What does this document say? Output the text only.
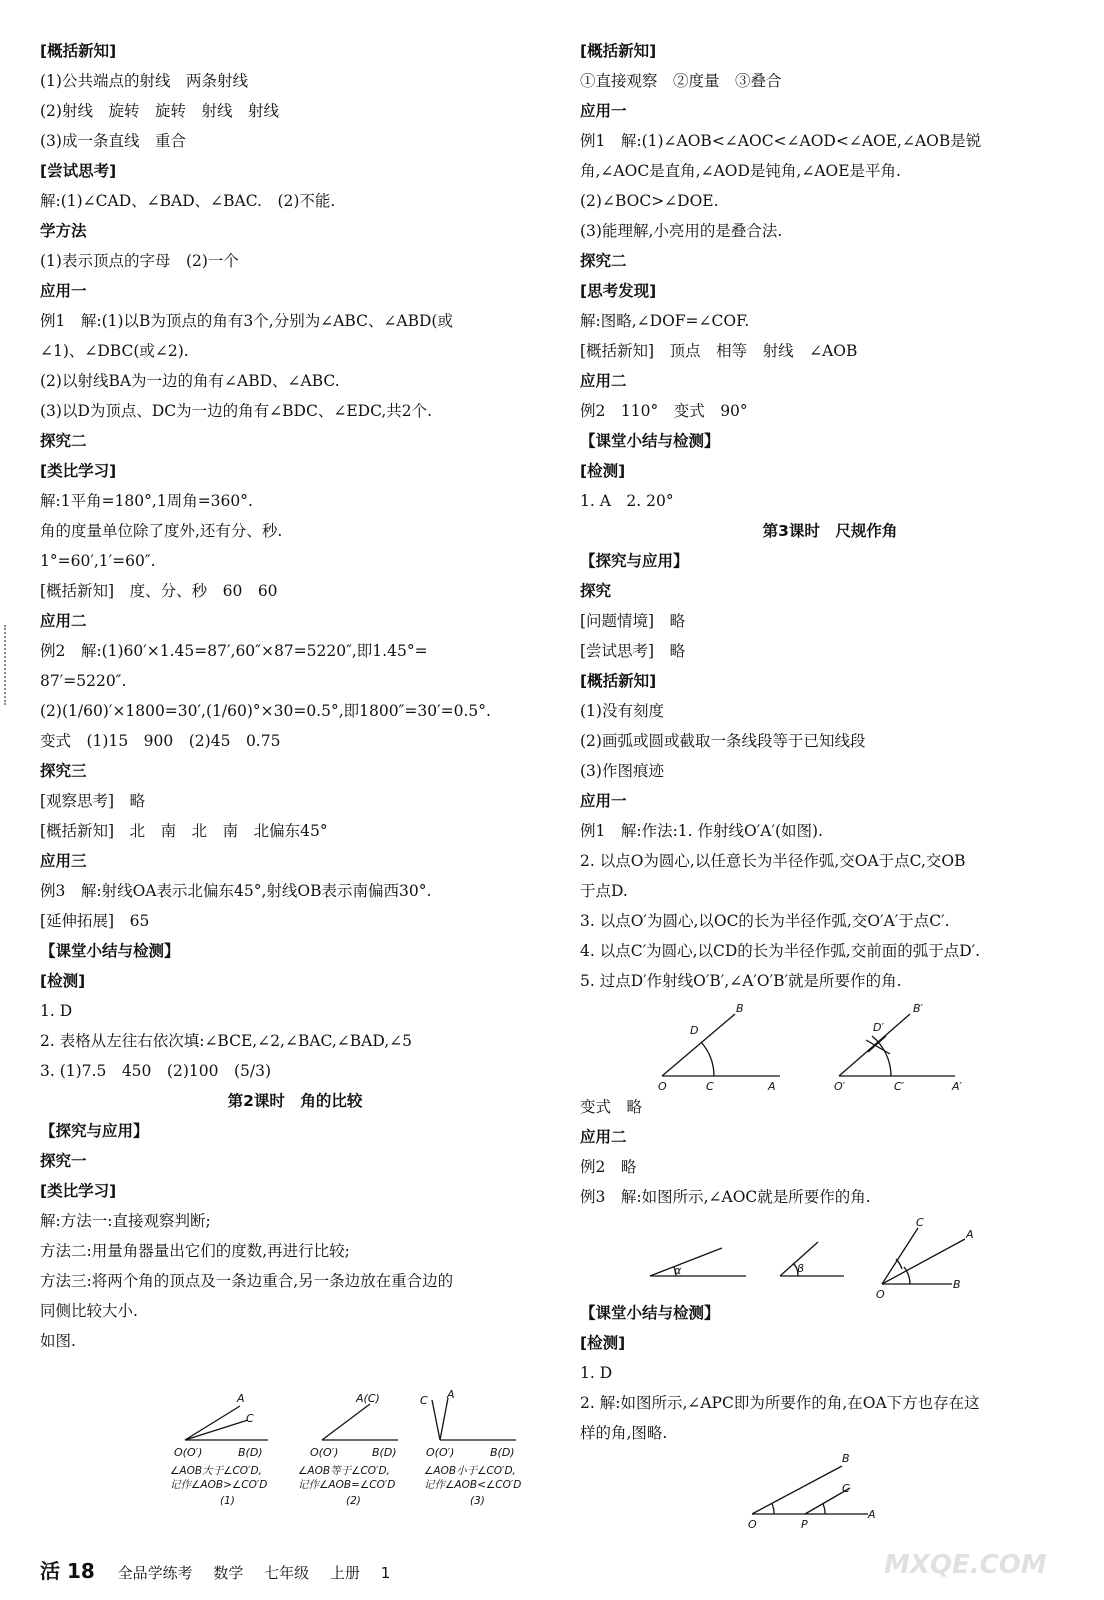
[概括新知]
(1)公共端点的射线　两条射线
(2)射线　旋转　旋转　射线　射线
(3)成一条直线　重合
[尝试思考]
解:(1)∠CAD、∠BAD、∠BAC.　(2)不能.
学方法
(1)表示顶点的字母　(2)一个
应用一
例1　解:(1)以B为顶点的角有3个,分别为∠ABC、∠ABD(或
∠1)、∠DBC(或∠2).
(2)以射线BA为一边的角有∠ABD、∠ABC.
(3)以D为顶点、DC为一边的角有∠BDC、∠EDC,共2个.
探究二
[类比学习]
解:1平角=180°,1周角=360°.
角的度量单位除了度外,还有分、秒.
1°=60′,1′=60″.
[概括新知]　度、分、秒　60　60
应用二
例2　解:(1)60′×1.45=87′,60″×87=5220″,即1.45°=
87′=5220″.
(2)(1/60)′×1800=30′,(1/60)°×30=0.5°,即1800″=30′=0.5°.
变式　(1)15　900　(2)45　0.75
探究三
[观察思考]　略
[概括新知]　北　南　北　南　北偏东45°
应用三
例3　解:射线OA表示北偏东45°,射线OB表示南偏西30°.
[延伸拓展]　65
【课堂小结与检测】
[检测]
1. D
2. 表格从左往右依次填:∠BCE,∠2,∠BAC,∠BAD,∠5
3. (1)7.5　450　(2)100　(5/3)
第2课时　角的比较
【探究与应用】
探究一
[类比学习]
解:方法一:直接观察判断;
方法二:用量角器量出它们的度数,再进行比较;
方法三:将两个角的顶点及一条边重合,另一条边放在重合边的
同侧比较大小.
如图.
[概括新知]
①直接观察　②度量　③叠合
应用一
例1　解:(1)∠AOB<∠AOC<∠AOD<∠AOE,∠AOB是锐
角,∠AOC是直角,∠AOD是钝角,∠AOE是平角.
(2)∠BOC>∠DOE.
(3)能理解,小亮用的是叠合法.
探究二
[思考发现]
解:图略,∠DOF=∠COF.
[概括新知]　顶点　相等　射线　∠AOB
应用二
例2　110°　变式　90°
【课堂小结与检测】
[检测]
1. A　2. 20°
第3课时　尺规作角
【探究与应用】
探究
[问题情境]　略
[尝试思考]　略
[概括新知]
(1)没有刻度
(2)画弧或圆或截取一条线段等于已知线段
(3)作图痕迹
应用一
例1　解:作法:1. 作射线O′A′(如图).
2. 以点O为圆心,以任意长为半径作弧,交OA于点C,交OB
于点D.
3. 以点O′为圆心,以OC的长为半径作弧,交O′A′于点C′.
4. 以点C′为圆心,以CD的长为半径作弧,交前面的弧于点D′.
5. 过点D′作射线O′B′,∠A′O′B′就是所要作的角.
O	C	A
D
B
O′	C′	A′
D′
B′
变式　略
应用二
例2　略
例3　解:如图所示,∠AOC就是所要作的角.
α	β
O
B
A
C
【课堂小结与检测】
[检测]
1. D
2. 解:如图所示,∠APC即为所要作的角,在OA下方也存在这
样的角,图略.
O	P
A
B
C
O(O′)	B(D)
A
C
O(O′)	B(D)
A(C)
O(O′)	B(D)
A
C
∠AOB大于∠CO′D,
记作∠AOB>∠CO′D
(1)
∠AOB等于∠CO′D,
记作∠AOB=∠CO′D
(2)
∠AOB小于∠CO′D,
记作∠AOB<∠CO′D
(3)
活 18 全品学练考 数学 七年级 上册 1	MXQE.COM
